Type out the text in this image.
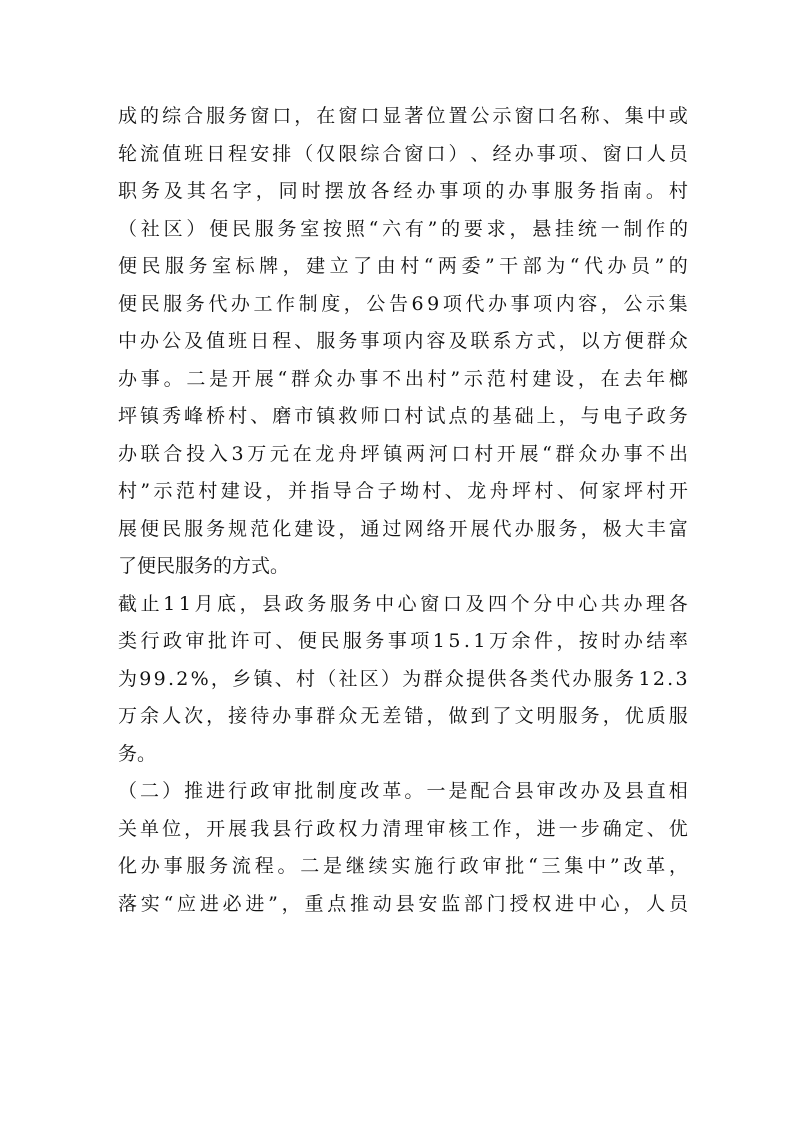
成 的 综 合 服 务 窗 口 ， 在 窗 口 显 著 位 置 公 示 窗 口 名 称 、 集 中 或
轮 流 值 班 日 程 安 排 （ 仅 限 综 合 窗 口 ） 、 经 办 事 项 、 窗 口 人 员
职 务 及 其 名 字 ， 同 时 摆 放 各 经 办 事 项 的 办 事 服 务 指 南 。 村
（ 社 区 ） 便 民 服 务 室 按 照 “ 六 有 ” 的 要 求 ， 悬 挂 统 一 制 作 的
便 民 服 务 室 标 牌 ， 建 立 了 由 村 “ 两 委 ” 干 部 为 “ 代 办 员 ” 的
便 民 服 务 代 办 工 作 制 度 ， 公 告 6 9 项 代 办 事 项 内 容 ， 公 示 集
中 办 公 及 值 班 日 程 、 服 务 事 项 内 容 及 联 系 方 式 ， 以 方 便 群 众
办 事 。 二 是 开 展 “ 群 众 办 事 不 出 村 ” 示 范 村 建 设 ， 在 去 年 榔
坪 镇 秀 峰 桥 村 、 磨 市 镇 救 师 口 村 试 点 的 基 础 上 ， 与 电 子 政 务
办 联 合 投 入 3 万 元 在 龙 舟 坪 镇 两 河 口 村 开 展 “ 群 众 办 事 不 出
村 ” 示 范 村 建 设 ， 并 指 导 合 子 坳 村 、 龙 舟 坪 村 、 何 家 坪 村 开
展 便 民 服 务 规 范 化 建 设 ， 通 过 网 络 开 展 代 办 服 务 ， 极 大 丰 富
了便民服务的方式。
截 止 1 1 月 底 ， 县 政 务 服 务 中 心 窗 口 及 四 个 分 中 心 共 办 理 各
类 行 政 审 批 许 可 、 便 民 服 务 事 项 1 5 . 1 万 余 件 ， 按 时 办 结 率
为 9 9 . 2 % ， 乡 镇 、 村 （ 社 区 ） 为 群 众 提 供 各 类 代 办 服 务 1 2 . 3
万 余 人 次 ， 接 待 办 事 群 众 无 差 错 ， 做 到 了 文 明 服 务 ， 优 质 服
务。
（ 二 ） 推 进 行 政 审 批 制 度 改 革 。 一 是 配 合 县 审 改 办 及 县 直 相
关 单 位 ， 开 展 我 县 行 政 权 力 清 理 审 核 工 作 ， 进 一 步 确 定 、 优
化 办 事 服 务 流 程 。 二 是 继 续 实 施 行 政 审 批 “ 三 集 中 ” 改 革 ，
落 实 “ 应 进 必 进 ” ， 重 点 推 动 县 安 监 部 门 授 权 进 中 心 ， 人 员
